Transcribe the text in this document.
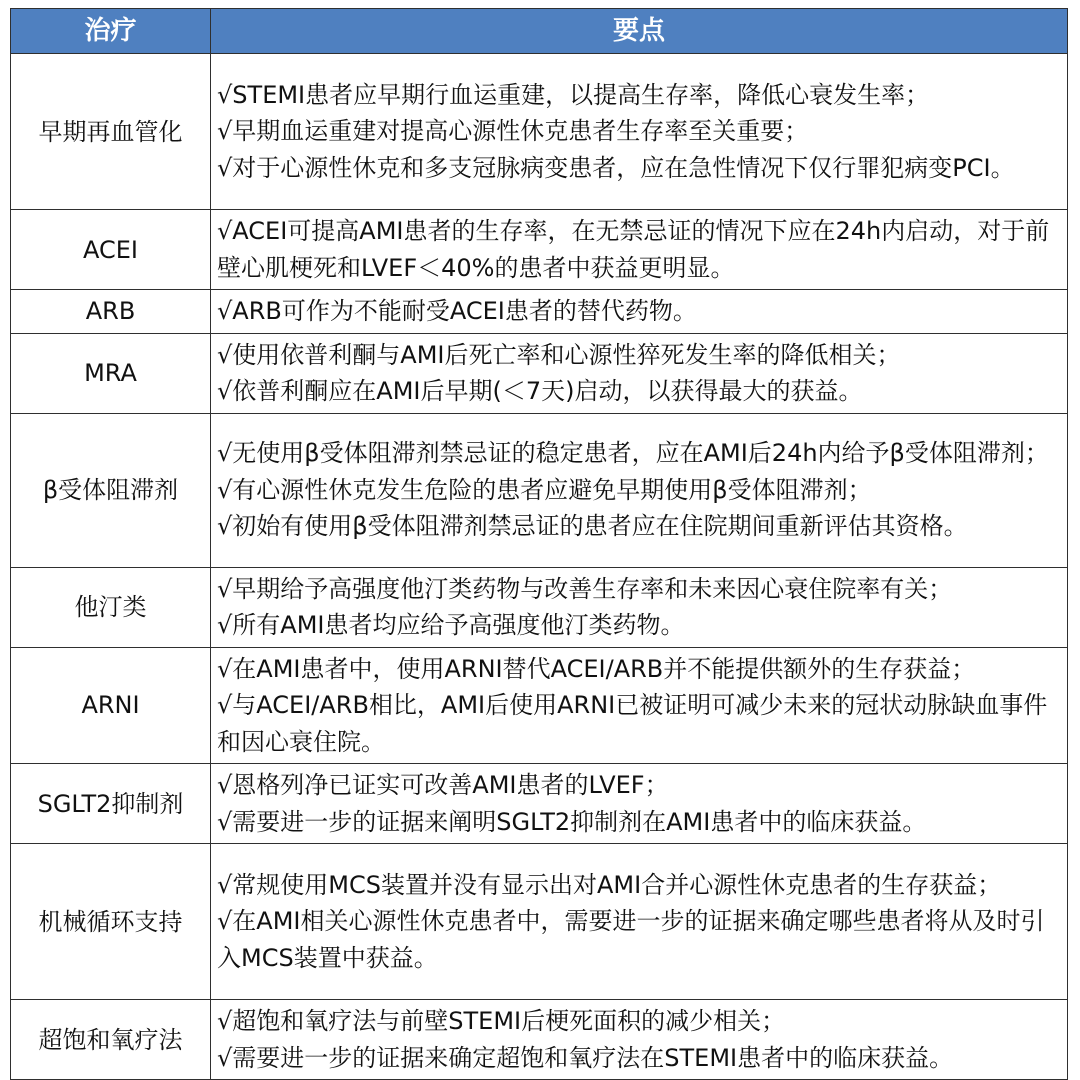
治疗	要点
早期再血管化	√STEMI患者应早期行血运重建，以提高生存率，降低心衰发生率；
√早期血运重建对提高心源性休克患者生存率至关重要；
√对于心源性休克和多支冠脉病变患者，应在急性情况下仅行罪犯病变PCI。

ACEI	√ACEI可提高AMI患者的生存率，在无禁忌证的情况下应在24h内启动，对于前壁心肌梗死和LVEF＜40%的患者中获益更明显。

ARB	√ARB可作为不能耐受ACEI患者的替代药物。

MRA	√使用依普利酮与AMI后死亡率和心源性猝死发生率的降低相关；
√依普利酮应在AMI后早期(＜7天)启动，以获得最大的获益。

β受体阻滞剂	√无使用β受体阻滞剂禁忌证的稳定患者，应在AMI后24h内给予β受体阻滞剂；
√有心源性休克发生危险的患者应避免早期使用β受体阻滞剂；
√初始有使用β受体阻滞剂禁忌证的患者应在住院期间重新评估其资格。

他汀类	√早期给予高强度他汀类药物与改善生存率和未来因心衰住院率有关；
√所有AMI患者均应给予高强度他汀类药物。

ARNI	√在AMI患者中，使用ARNI替代ACEI/ARB并不能提供额外的生存获益；
√与ACEI/ARB相比，AMI后使用ARNI已被证明可减少未来的冠状动脉缺血事件和因心衰住院。

SGLT2抑制剂	√恩格列净已证实可改善AMI患者的LVEF；
√需要进一步的证据来阐明SGLT2抑制剂在AMI患者中的临床获益。

机械循环支持	√常规使用MCS装置并没有显示出对AMI合并心源性休克患者的生存获益；
√在AMI相关心源性休克患者中，需要进一步的证据来确定哪些患者将从及时引入MCS装置中获益。

超饱和氧疗法	√超饱和氧疗法与前壁STEMI后梗死面积的减少相关；
√需要进一步的证据来确定超饱和氧疗法在STEMI患者中的临床获益。
